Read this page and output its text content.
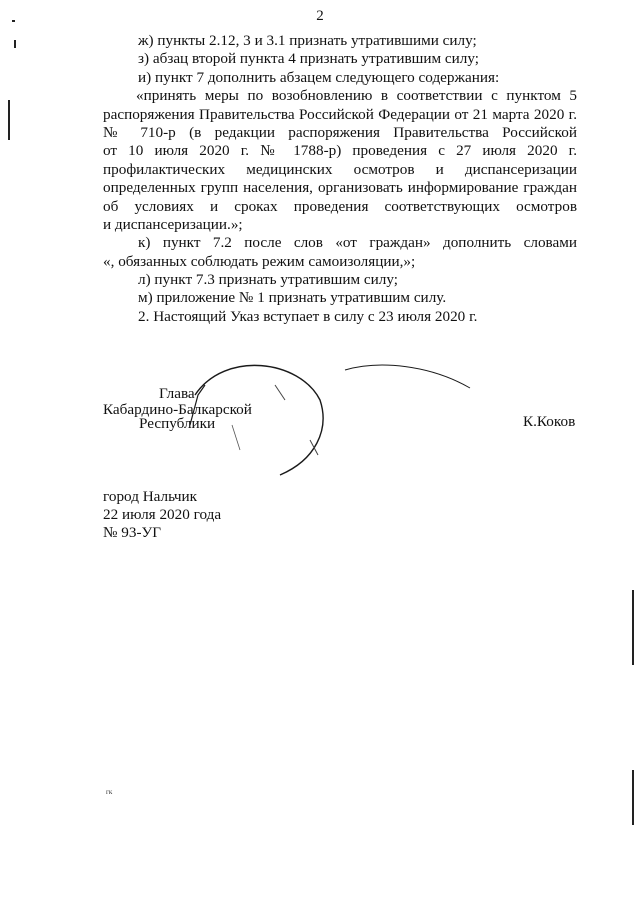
2
ж) пункты 2.12, 3 и 3.1 признать утратившими силу;
з) абзац второй пункта 4 признать утратившим силу;
и) пункт 7 дополнить абзацем следующего содержания:
«принять меры по возобновлению в соответствии с пунктом 5
распоряжения Правительства Российской Федерации от 21 марта 2020 г.
№ 710-р (в редакции распоряжения Правительства Российской
от 10 июля 2020 г. № 1788-р) проведения с 27 июля 2020 г.
профилактических медицинских осмотров и диспансеризации
определенных групп населения, организовать информирование граждан
об условиях и сроках проведения соответствующих осмотров
и диспансеризации.»;
к) пункт 7.2 после слов «от граждан» дополнить словами
«, обязанных соблюдать режим самоизоляции,»;
л) пункт 7.3 признать утратившим силу;
м) приложение № 1 признать утратившим силу.
2. Настоящий Указ вступает в силу с 23 июля 2020 г.
Глава
Кабардино-Балкарской
Республики	К.Коков
город Нальчик
22 июля 2020 года
№ 93-УГ
гк
